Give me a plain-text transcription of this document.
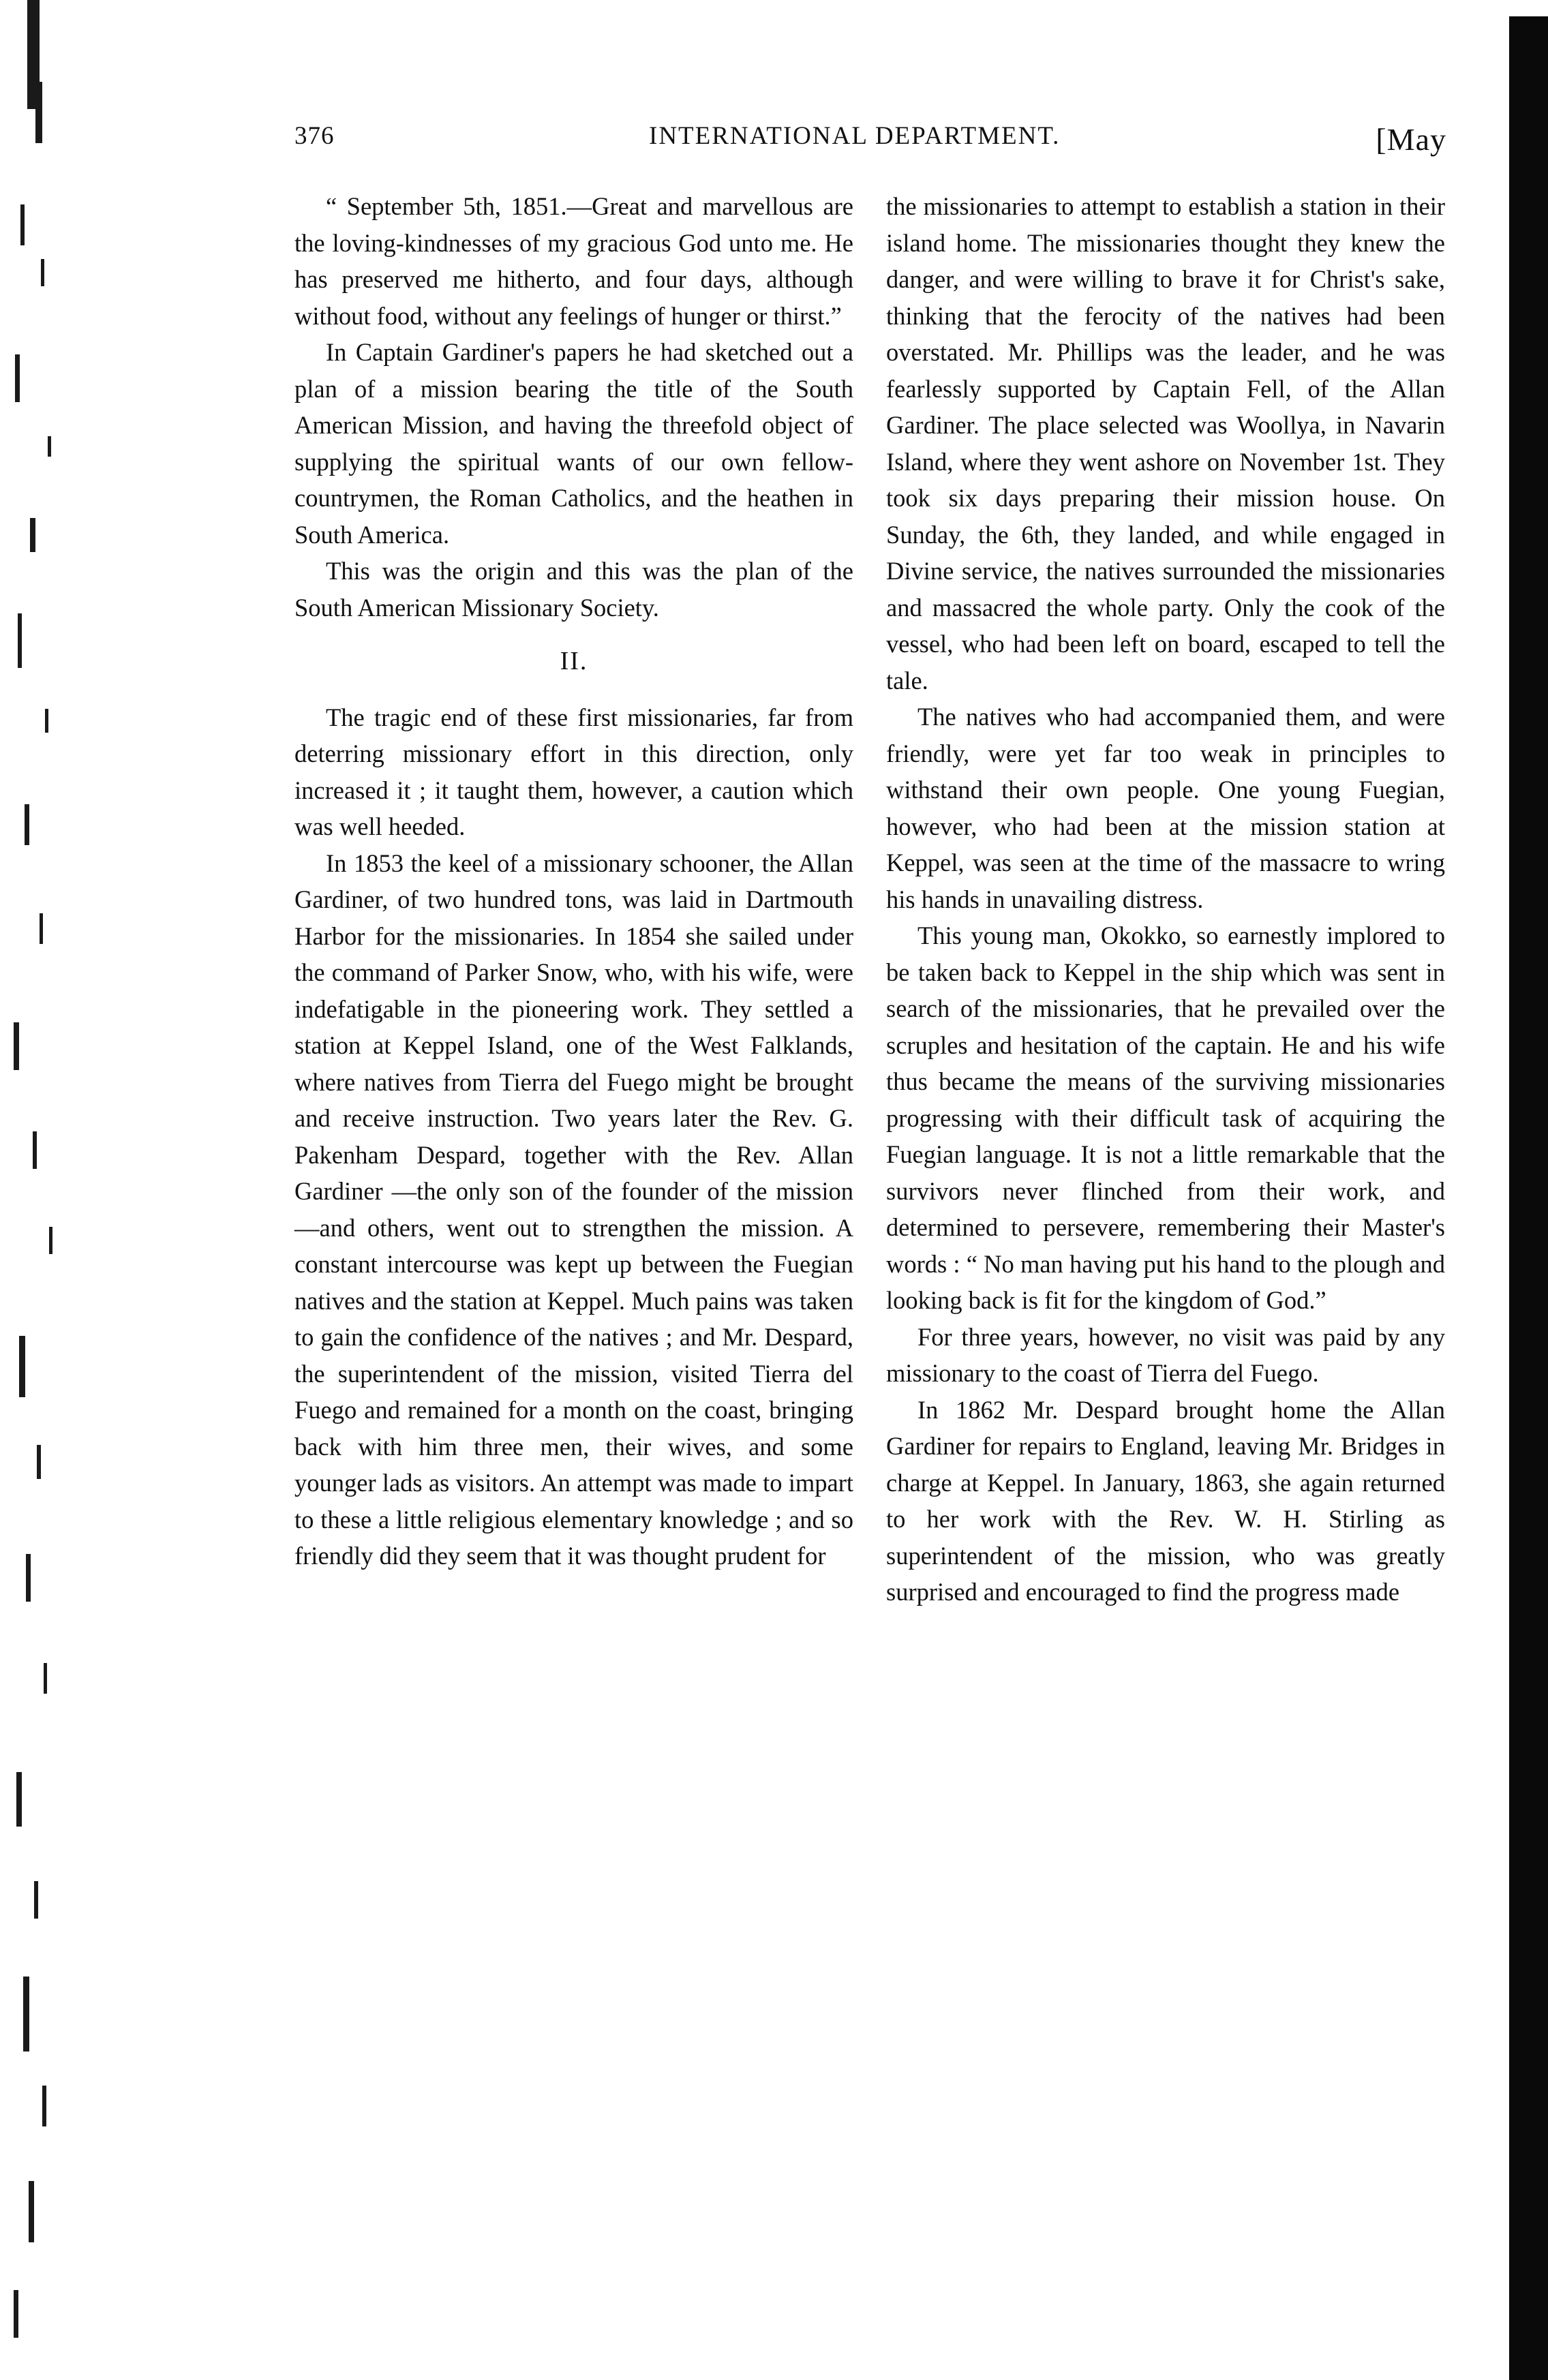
376	INTERNATIONAL DEPARTMENT.	[May

“ September 5th, 1851.—Great and marvellous are the loving-kindnesses of my gracious God unto me. He has preserved me hitherto, and four days, although without food, without any feelings of hunger or thirst.”

In Captain Gardiner's papers he had sketched out a plan of a mission bearing the title of the South American Mission, and having the threefold object of supplying the spiritual wants of our own fellow-countrymen, the Roman Catholics, and the heathen in South America.

This was the origin and this was the plan of the South American Missionary Society.

II.

The tragic end of these first missionaries, far from deterring missionary effort in this direction, only increased it ; it taught them, however, a caution which was well heeded.

In 1853 the keel of a missionary schooner, the Allan Gardiner, of two hundred tons, was laid in Dartmouth Harbor for the missionaries. In 1854 she sailed under the command of Parker Snow, who, with his wife, were indefatigable in the pioneering work. They settled a station at Keppel Island, one of the West Falklands, where natives from Tierra del Fuego might be brought and receive instruction. Two years later the Rev. G. Pakenham Despard, together with the Rev. Allan Gardiner —the only son of the founder of the mission—and others, went out to strengthen the mission. A constant intercourse was kept up between the Fuegian natives and the station at Keppel. Much pains was taken to gain the confidence of the natives ; and Mr. Despard, the superintendent of the mission, visited Tierra del Fuego and remained for a month on the coast, bringing back with him three men, their wives, and some younger lads as visitors. An attempt was made to impart to these a little religious elementary knowledge ; and so friendly did they seem that it was thought prudent for

the missionaries to attempt to establish a station in their island home. The missionaries thought they knew the danger, and were willing to brave it for Christ's sake, thinking that the ferocity of the natives had been overstated. Mr. Phillips was the leader, and he was fearlessly supported by Captain Fell, of the Allan Gardiner. The place selected was Woollya, in Navarin Island, where they went ashore on November 1st. They took six days preparing their mission house. On Sunday, the 6th, they landed, and while engaged in Divine service, the natives surrounded the missionaries and massacred the whole party. Only the cook of the vessel, who had been left on board, escaped to tell the tale.

The natives who had accompanied them, and were friendly, were yet far too weak in principles to withstand their own people. One young Fuegian, however, who had been at the mission station at Keppel, was seen at the time of the massacre to wring his hands in unavailing distress.

This young man, Okokko, so earnestly implored to be taken back to Keppel in the ship which was sent in search of the missionaries, that he prevailed over the scruples and hesitation of the captain. He and his wife thus became the means of the surviving missionaries progressing with their difficult task of acquiring the Fuegian language. It is not a little remarkable that the survivors never flinched from their work, and determined to persevere, remembering their Master's words : “ No man having put his hand to the plough and looking back is fit for the kingdom of God.”

For three years, however, no visit was paid by any missionary to the coast of Tierra del Fuego.

In 1862 Mr. Despard brought home the Allan Gardiner for repairs to England, leaving Mr. Bridges in charge at Keppel. In January, 1863, she again returned to her work with the Rev. W. H. Stirling as superintendent of the mission, who was greatly surprised and encouraged to find the progress made
